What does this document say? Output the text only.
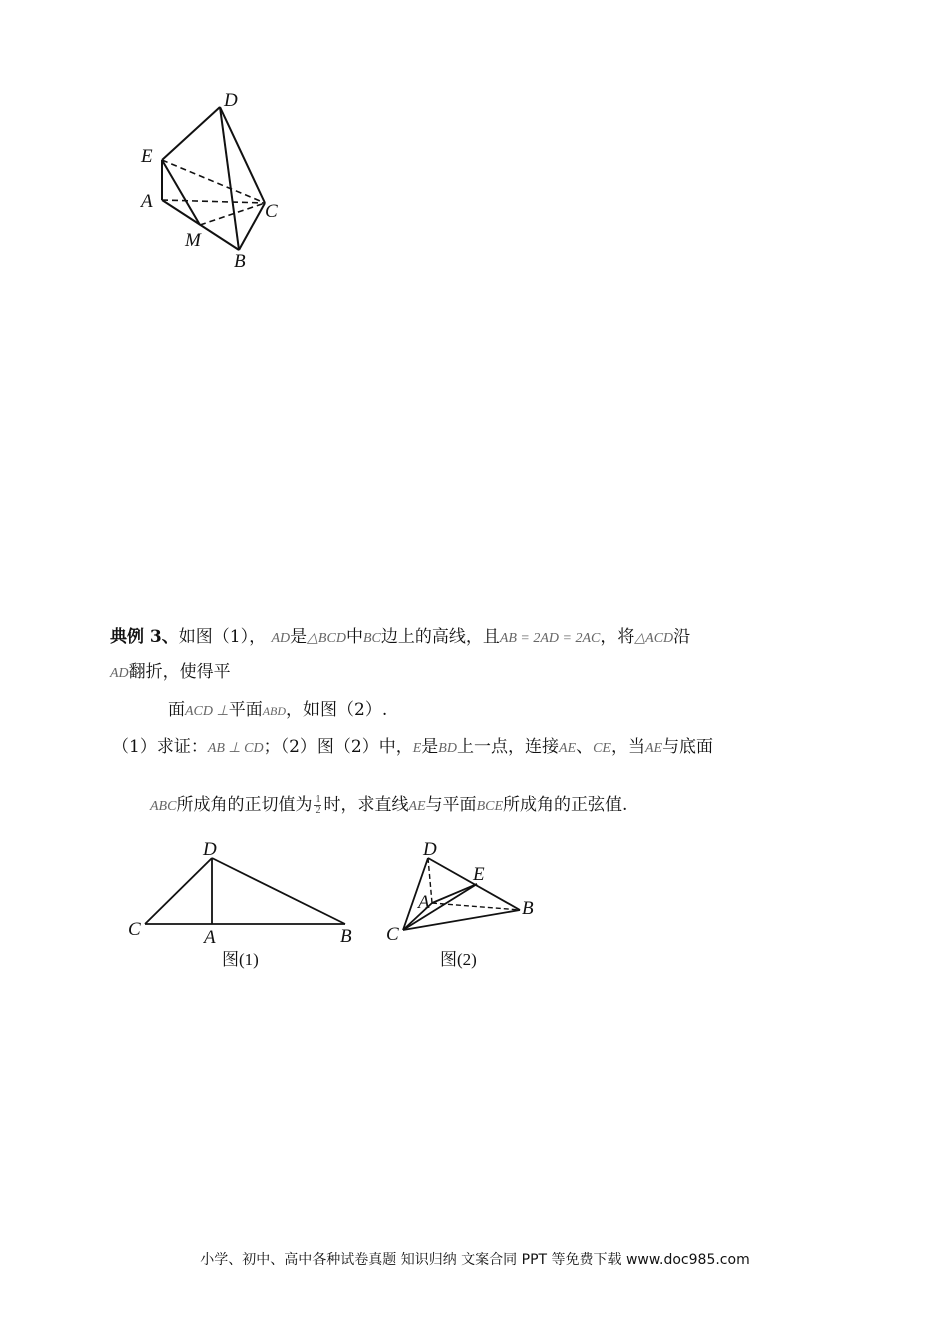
D
E
A	C
M
B
典例 3、如图（1）， AD是△BCD中BC边上的高线，且AB = 2AD = 2AC，将△ACD沿
AD翻折，使得平
面ACD ⊥平面ABD，如图（2）.
（1）求证：AB ⊥ CD；（2）图（2）中，E是BD上一点，连接AE、CE，当AE与底面
ABC所成角的正切值为 $\frac{1}{2}$ 时，求直线AE与平面BCE所成角的正弦值.
D
C	A	B
图(1)
D
E
A	B
C
图(2)
小学、初中、高中各种试卷真题 知识归纳 文案合同 PPT 等免费下载 www.doc985.com
